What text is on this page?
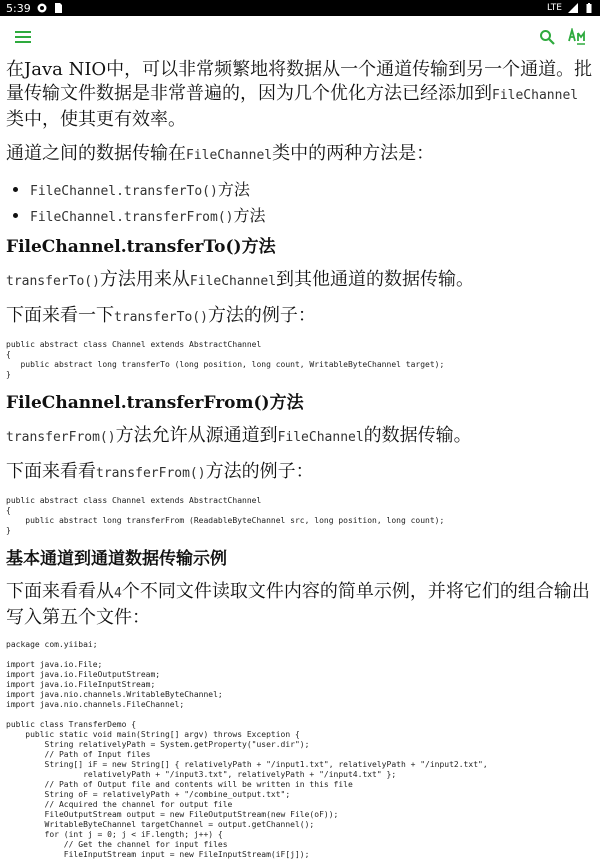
5:39	LTE

在Java NIO中，可以非常频繁地将数据从一个通道传输到另一个通道。批量传输文件数据是非常普遍的，因为几个优化方法已经添加到FileChannel类中，使其更有效率。

通道之间的数据传输在FileChannel类中的两种方法是：

• FileChannel.transferTo()方法
• FileChannel.transferFrom()方法
FileChannel.transferTo()方法

transferTo()方法用来从FileChannel到其他通道的数据传输。

下面来看一下transferTo()方法的例子：

public abstract class Channel extends AbstractChannel
{
public abstract long transferTo (long position, long count, WritableByteChannel target);
}
FileChannel.transferFrom()方法

transferFrom()方法允许从源通道到FileChannel的数据传输。

下面来看看transferFrom()方法的例子：

public abstract class Channel extends AbstractChannel
{
public abstract long transferFrom (ReadableByteChannel src, long position, long count);
}
基本通道到通道数据传输示例

下面来看看从4个不同文件读取文件内容的简单示例，并将它们的组合输出写入第五个文件：

package com.yiibai;

import java.io.File;
import java.io.FileOutputStream;
import java.io.FileInputStream;
import java.nio.channels.WritableByteChannel;
import java.nio.channels.FileChannel;

public class TransferDemo {
public static void main(String[] argv) throws Exception {
String relativelyPath = System.getProperty("user.dir");
// Path of Input files
String[] iF = new String[] { relativelyPath + "/input1.txt", relativelyPath + "/input2.txt",
relativelyPath + "/input3.txt", relativelyPath + "/input4.txt" };
// Path of Output file and contents will be written in this file
String oF = relativelyPath + "/combine_output.txt";
// Acquired the channel for output file
FileOutputStream output = new FileOutputStream(new File(oF));
WritableByteChannel targetChannel = output.getChannel();
for (int j = 0; j < iF.length; j++) {
// Get the channel for input files
FileInputStream input = new FileInputStream(iF[j]);
